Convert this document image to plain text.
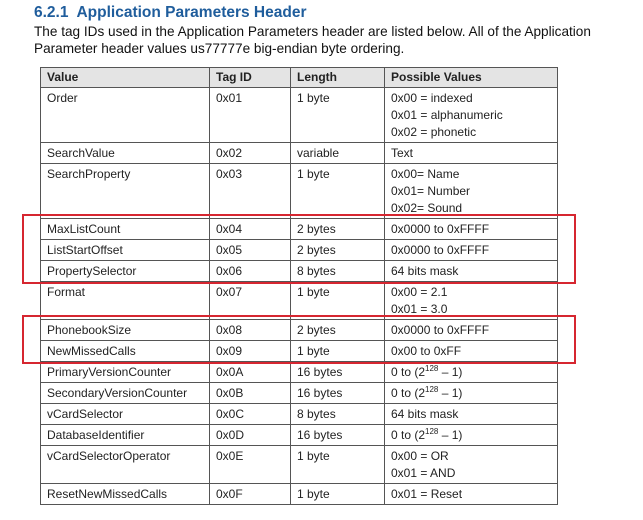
6.2.1 Application Parameters Header
The tag IDs used in the Application Parameters header are listed below. All of the Application Parameter header values us77777e big-endian byte ordering.
Value	Tag ID	Length	Possible Values
Order	0x01	1 byte	0x00 = indexed
0x01 = alphanumeric
0x02 = phonetic

SearchValue	0x02	variable	Text

SearchProperty	0x03	1 byte	0x00= Name
0x01= Number
0x02= Sound

MaxListCount	0x04	2 bytes	0x0000 to 0xFFFF

ListStartOffset	0x05	2 bytes	0x0000 to 0xFFFF

PropertySelector	0x06	8 bytes	64 bits mask

Format	0x07	1 byte	0x00 = 2.1
0x01 = 3.0

PhonebookSize	0x08	2 bytes	0x0000 to 0xFFFF

NewMissedCalls	0x09	1 byte	0x00 to 0xFF

PrimaryVersionCounter	0x0A	16 bytes	0 to $(2^{128} - 1)$

SecondaryVersionCounter	0x0B	16 bytes	0 to $(2^{128} - 1)$

vCardSelector	0x0C	8 bytes	64 bits mask

DatabaseIdentifier	0x0D	16 bytes	0 to $(2^{128} - 1)$

vCardSelectorOperator	0x0E	1 byte	0x00 = OR
0x01 = AND

ResetNewMissedCalls	0x0F	1 byte	0x01 = Reset
